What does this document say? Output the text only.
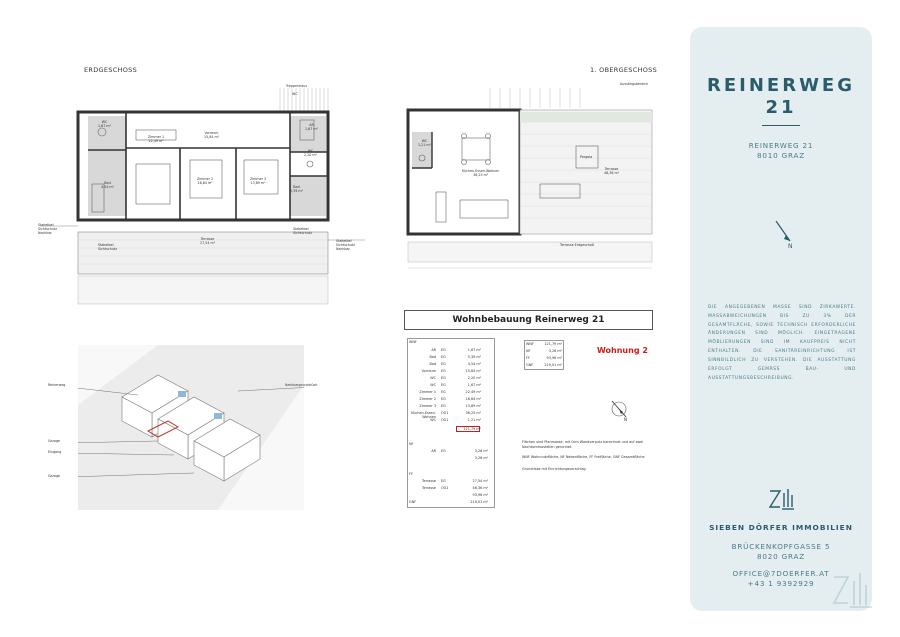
ERDGESCHOSS
Treppenhaus
WC
Zimmer 1
22,49 m²
Vorraum
15,84 m²
Zimmer 2
16,64 m²
Zimmer 3
13,89 m²
Bad
5,39 m²
Bad
4,54 m²
WC
1,67 m²
WC
2,20 m²
AR
1,67 m²
Terrasse
27,54 m²
Staketbel Sichtschutz Nachbar
Staketbel Sichtschutz Nachbar
Staketbel Sichtschutz
Staketbel Sichtschutz
1. OBERGESCHOSS
Küchen-Essen-Wohnen
36,25 m²
Pergola
Terrasse
46,36 m²
WC
1,21 m²
Ausstiegsbereich
Terrasse Erdgeschoß
Reinerweg
Garage
Eingang
Garage
Nachbargrundstück
Wohnbebauung Reinerweg 21
Wohnung 2
WNF
AR EG	1,67 m²
Bad EG	5,39 m²
Bad EG	4,54 m²
Vorraum EG	15,84 m²
WC EG	2,20 m²
WC EG	1,67 m²
Zimmer 1 EG	22,49 m²
Zimmer 2 EG	16,64 m²
Zimmer 3 EG	13,89 m²
Küchen-Essen-Wohnen
OG1	36,25 m²
WC OG1	1,21 m²
121,79 m²
NF
AR EG	3,26 m²
3,26 m²
FF
Terrasse EG	27,54 m²
Terrasse OG1	46,36 m²
93,96 m²
GNF	219,01 m²
WNF	121,79 m²
NF	3,26 m²
FF	93,96 m²
GNF	219,01 m²
N
Flächen sind Planmasse, mit 0cm Wandverputz berechnet und auf zwei Nachkommastellen gerundet.
WNF Wohnnutzfläche, NF Nebenfläche, FF Freifläche, GNF Gesamtfläche
Grundrisse mit Einrichtungsvorschlag
REINERWEG
21
REINERWEG 21
8010 GRAZ
N
DIE ANGEGEBENEN MASSE SIND ZIRKAWERTE. MASSABWEICHUNGEN BIS ZU 3% DER GESAMTFLÄCHE, SOWIE TECHNISCH ERFORDERLICHE ÄNDERUNGEN SIND MÖGLICH. EINGETRAGENE MÖBLIERUNGEN SIND IM KAUFPREIS NICHT ENTHALTEN. DIE SANITÄREINRICHTUNG IST SINNBILDLICH ZU VERSTEHEN. DIE AUSSTATTUNG ERFOLGT GEMÄSS BAU- UND AUSSTATTUNGSBESCHREIBUNG.
SIEBEN DÖRFER IMMOBILIEN
BRÜCKENKOPFGASSE 5
8020 GRAZ
OFFICE@7DOERFER.AT
+43 1 9392929
